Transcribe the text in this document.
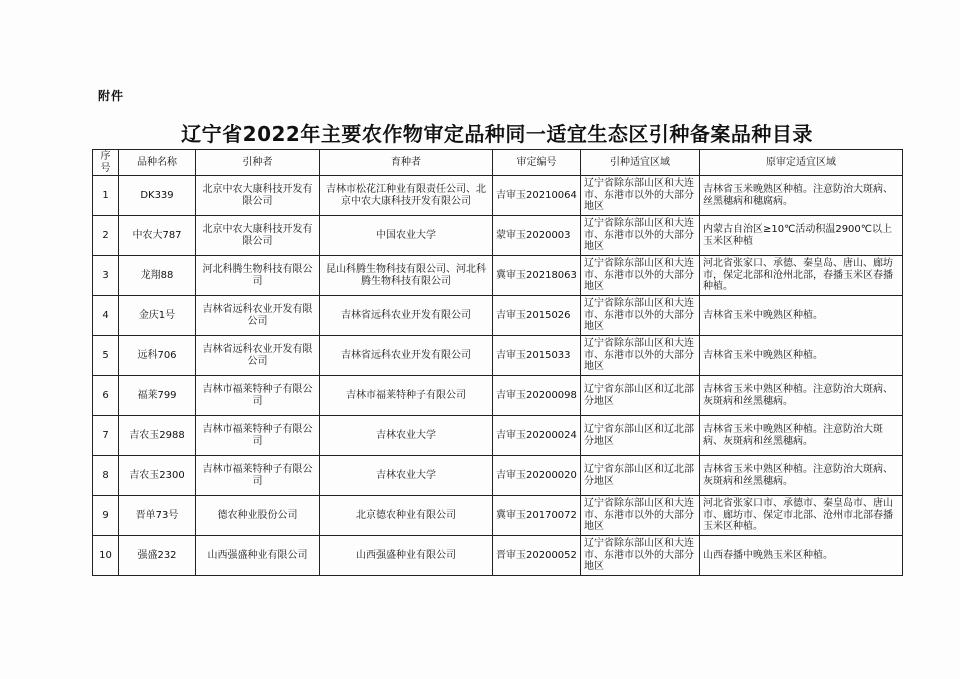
附件
辽宁省2022年主要农作物审定品种同一适宜生态区引种备案品种目录
序号	品种名称	引种者	育种者	审定编号	引种适宜区域	原审定适宜区域
1	DK339	北京中农大康科技开发有限公司	吉林市松花江种业有限责任公司、北京中农大康科技开发有限公司	吉审玉20210064	辽宁省除东部山区和大连市、东港市以外的大部分地区	吉林省玉米晚熟区种植。注意防治大斑病、丝黑穗病和穗腐病。
2	中农大787	北京中农大康科技开发有限公司	中国农业大学	蒙审玉2020003	辽宁省除东部山区和大连市、东港市以外的大部分地区	内蒙古自治区≥10℃活动积温2900℃以上玉米区种植
3	龙翔88	河北科腾生物科技有限公司	昆山科腾生物科技有限公司、河北科腾生物科技有限公司	冀审玉20218063	辽宁省除东部山区和大连市、东港市以外的大部分地区	河北省张家口、承德、秦皇岛、唐山、廊坊市，保定北部和沧州北部，春播玉米区春播种植。
4	金庆1号	吉林省远科农业开发有限公司	吉林省远科农业开发有限公司	吉审玉2015026	辽宁省除东部山区和大连市、东港市以外的大部分地区	吉林省玉米中晚熟区种植。
5	远科706	吉林省远科农业开发有限公司	吉林省远科农业开发有限公司	吉审玉2015033	辽宁省除东部山区和大连市、东港市以外的大部分地区	吉林省玉米中晚熟区种植。
6	福莱799	吉林市福莱特种子有限公司	吉林市福莱特种子有限公司	吉审玉20200098	辽宁省东部山区和辽北部分地区	吉林省玉米中熟区种植。注意防治大斑病、灰斑病和丝黑穗病。
7	吉农玉2988	吉林市福莱特种子有限公司	吉林农业大学	吉审玉20200024	辽宁省东部山区和辽北部分地区	吉林省玉米中晚熟区种植。注意防治大斑病、灰斑病和丝黑穗病。
8	吉农玉2300	吉林市福莱特种子有限公司	吉林农业大学	吉审玉20200020	辽宁省东部山区和辽北部分地区	吉林省玉米中熟区种植。注意防治大斑病、灰斑病和丝黑穗病。
9	晋单73号	德农种业股份公司	北京德农种业有限公司	冀审玉20170072	辽宁省除东部山区和大连市、东港市以外的大部分地区	河北省张家口市、承德市、秦皇岛市、唐山市、廊坊市、保定市北部、沧州市北部春播玉米区种植。
10	强盛232	山西强盛种业有限公司	山西强盛种业有限公司	晋审玉20200052	辽宁省除东部山区和大连市、东港市以外的大部分地区	山西春播中晚熟玉米区种植。
